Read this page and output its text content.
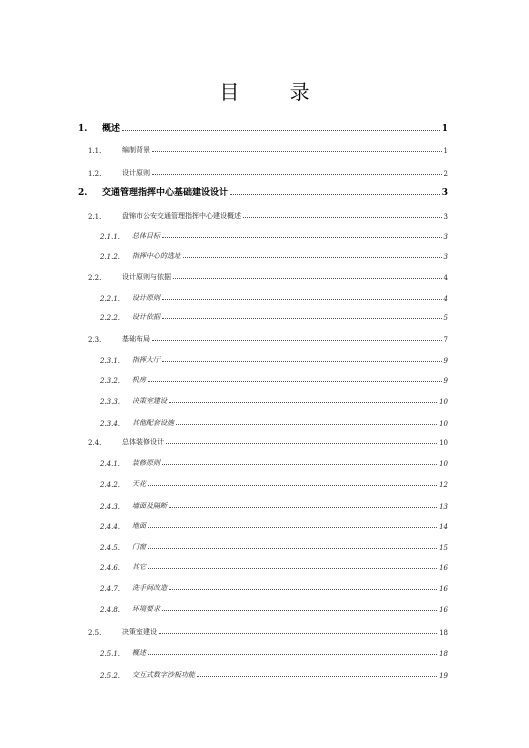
目 录
1.	概述	1
1.1.	编制背景	1
1.2.	设计原则	2
2.	交通管理指挥中心基础建设设计	3
2.1.	盘锦市公安交通管理指挥中心建设概述	3
2.1.1.	总体目标	3
2.1.2.	指挥中心的选址	3
2.2.	设计原则与依据	4
2.2.1.	设计原则	4
2.2.2.	设计依据	5
2.3.	基础布局	7
2.3.1.	指挥大厅	9
2.3.2.	机房	9
2.3.3.	决策室建设	10
2.3.4.	其他配套设施	10
2.4.	总体装修设计	10
2.4.1.	装修原则	10
2.4.2.	天花	12
2.4.3.	墙面及隔断	13
2.4.4.	地面	14
2.4.5.	门窗	15
2.4.6.	其它	16
2.4.7.	洗手间改造	16
2.4.8.	环境要求	16
2.5.	决策室建设	18
2.5.1.	概述	18
2.5.2.	交互式数字沙板功能	19
